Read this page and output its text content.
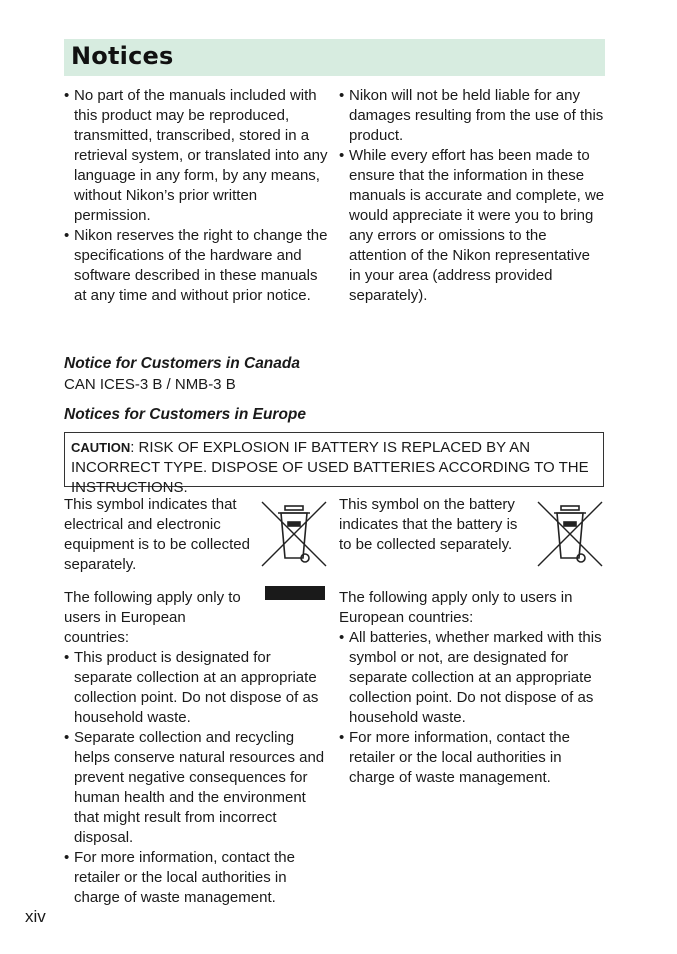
Notices
• No part of the manuals included with this product may be reproduced, transmitted, transcribed, stored in a retrieval system, or translated into any language in any form, by any means, without Nikon’s prior written permission.
• Nikon reserves the right to change the specifications of the hardware and software described in these manuals at any time and without prior notice.
• Nikon will not be held liable for any damages resulting from the use of this product.
• While every effort has been made to ensure that the information in these manuals is accurate and complete, we would appreciate it were you to bring any errors or omissions to the attention of the Nikon representative in your area (address provided separately).
Notice for Customers in Canada
CAN ICES-3 B / NMB-3 B
Notices for Customers in Europe
CAUTION: RISK OF EXPLOSION IF BATTERY IS REPLACED BY AN INCORRECT TYPE. DISPOSE OF USED BATTERIES ACCORDING TO THE INSTRUCTIONS.
This symbol indicates that electrical and electronic equipment is to be collected separately.
This symbol on the battery indicates that the battery is to be collected separately.
The following apply only to users in European countries:
• This product is designated for separate collection at an appropriate collection point. Do not dispose of as household waste.
• Separate collection and recycling helps conserve natural resources and prevent negative consequences for human health and the environment that might result from incorrect disposal.
• For more information, contact the retailer or the local authorities in charge of waste management.
The following apply only to users in European countries:
• All batteries, whether marked with this symbol or not, are designated for separate collection at an appropriate collection point. Do not dispose of as household waste.
• For more information, contact the retailer or the local authorities in charge of waste management.
xiv
